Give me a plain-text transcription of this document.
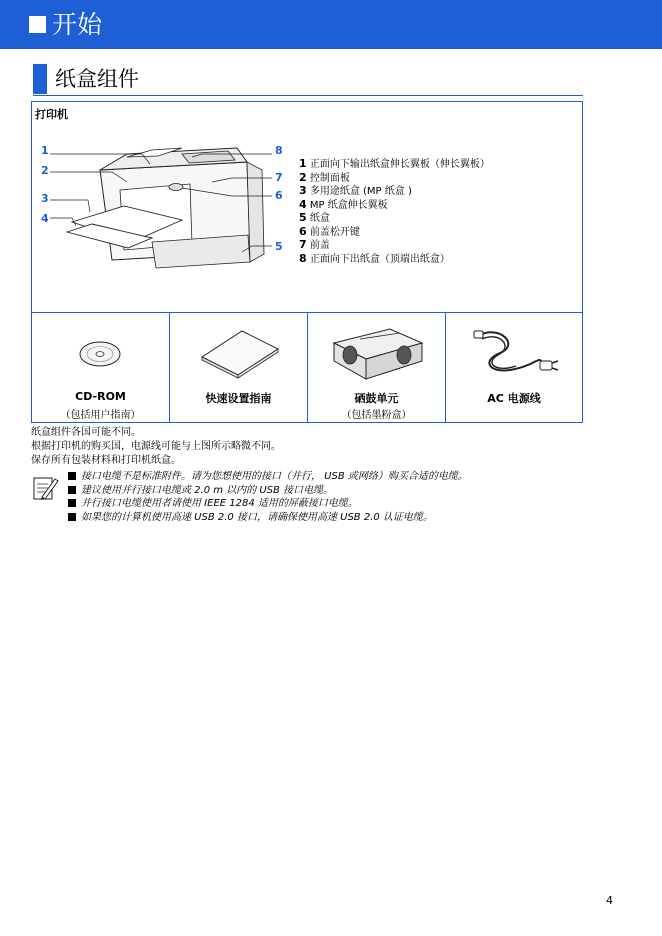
开始
纸盒组件
打印机
1
2
3
4
5
6
7
8
1 正面向下输出纸盒伸长翼板（伸长翼板）
2 控制面板
3 多用途纸盒 (MP 纸盒 )
4 MP 纸盒伸长翼板
5 纸盒
6 前盖松开键
7 前盖
8 正面向下出纸盒（顶端出纸盒）
CD-ROM
（包括用户指南）
快速设置指南	硒鼓单元
（包括墨粉盒）
AC 电源线
纸盒组件各国可能不同。
根据打印机的购买国，电源线可能与上图所示略微不同。
保存所有包装材料和打印机纸盒。
接口电缆不是标准附件。请为您想使用的接口（并行， USB 或网络）购买合适的电缆。
建议使用并行接口电缆或 2.0 m 以内的 USB 接口电缆。
并行接口电缆使用者请使用 IEEE 1284 适用的屏蔽接口电缆。
如果您的计算机使用高速 USB 2.0 接口，请确保使用高速 USB 2.0 认证电缆。
4
